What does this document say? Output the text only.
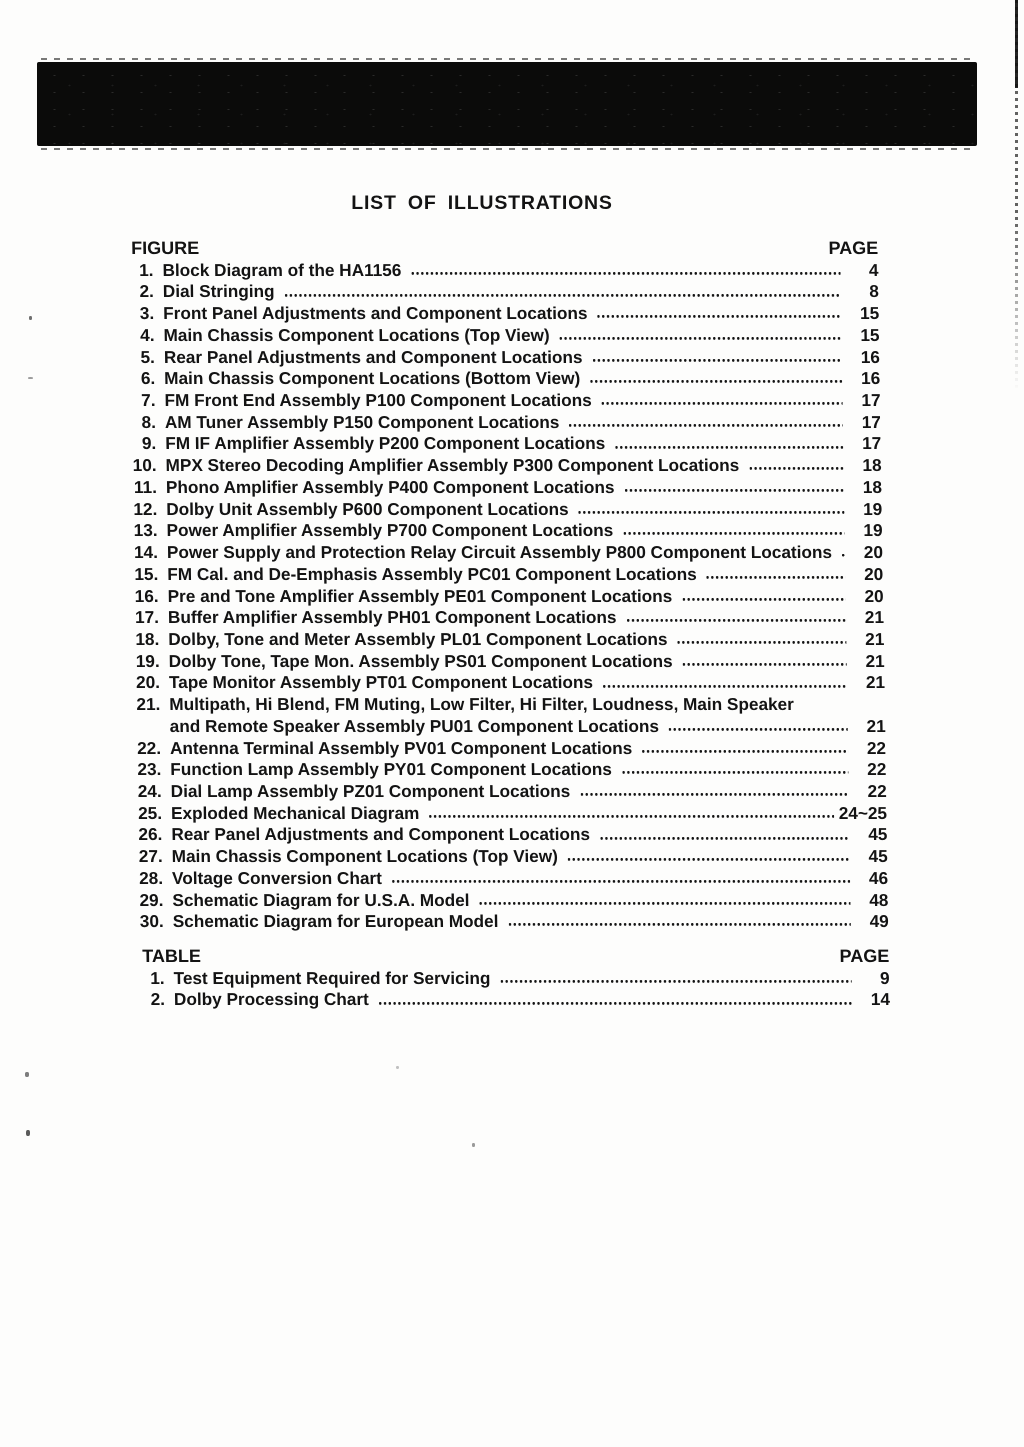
LIST OF ILLUSTRATIONS
FIGURE	PAGE
1. Block Diagram of the HA1156	4
2. Dial Stringing	8
3. Front Panel Adjustments and Component Locations	15
4. Main Chassis Component Locations (Top View)	15
5. Rear Panel Adjustments and Component Locations	16
6. Main Chassis Component Locations (Bottom View)	16
7. FM Front End Assembly P100 Component Locations	17
8. AM Tuner Assembly P150 Component Locations	17
9. FM IF Amplifier Assembly P200 Component Locations	17
10. MPX Stereo Decoding Amplifier Assembly P300 Component Locations	18
11. Phono Amplifier Assembly P400 Component Locations	18
12. Dolby Unit Assembly P600 Component Locations	19
13. Power Amplifier Assembly P700 Component Locations	19
14. Power Supply and Protection Relay Circuit Assembly P800 Component Locations	20
15. FM Cal. and De-Emphasis Assembly PC01 Component Locations	20
16. Pre and Tone Amplifier Assembly PE01 Component Locations	20
17. Buffer Amplifier Assembly PH01 Component Locations	21
18. Dolby, Tone and Meter Assembly PL01 Component Locations	21
19. Dolby Tone, Tape Mon. Assembly PS01 Component Locations	21
20. Tape Monitor Assembly PT01 Component Locations	21
21. Multipath, Hi Blend, FM Muting, Low Filter, Hi Filter, Loudness, Main Speaker
and Remote Speaker Assembly PU01 Component Locations	21
22. Antenna Terminal Assembly PV01 Component Locations	22
23. Function Lamp Assembly PY01 Component Locations	22
24. Dial Lamp Assembly PZ01 Component Locations	22
25. Exploded Mechanical Diagram	24~25
26. Rear Panel Adjustments and Component Locations	45
27. Main Chassis Component Locations (Top View)	45
28. Voltage Conversion Chart	46
29. Schematic Diagram for U.S.A. Model	48
30. Schematic Diagram for European Model	49
TABLE	PAGE
1. Test Equipment Required for Servicing	9
2. Dolby Processing Chart	14
